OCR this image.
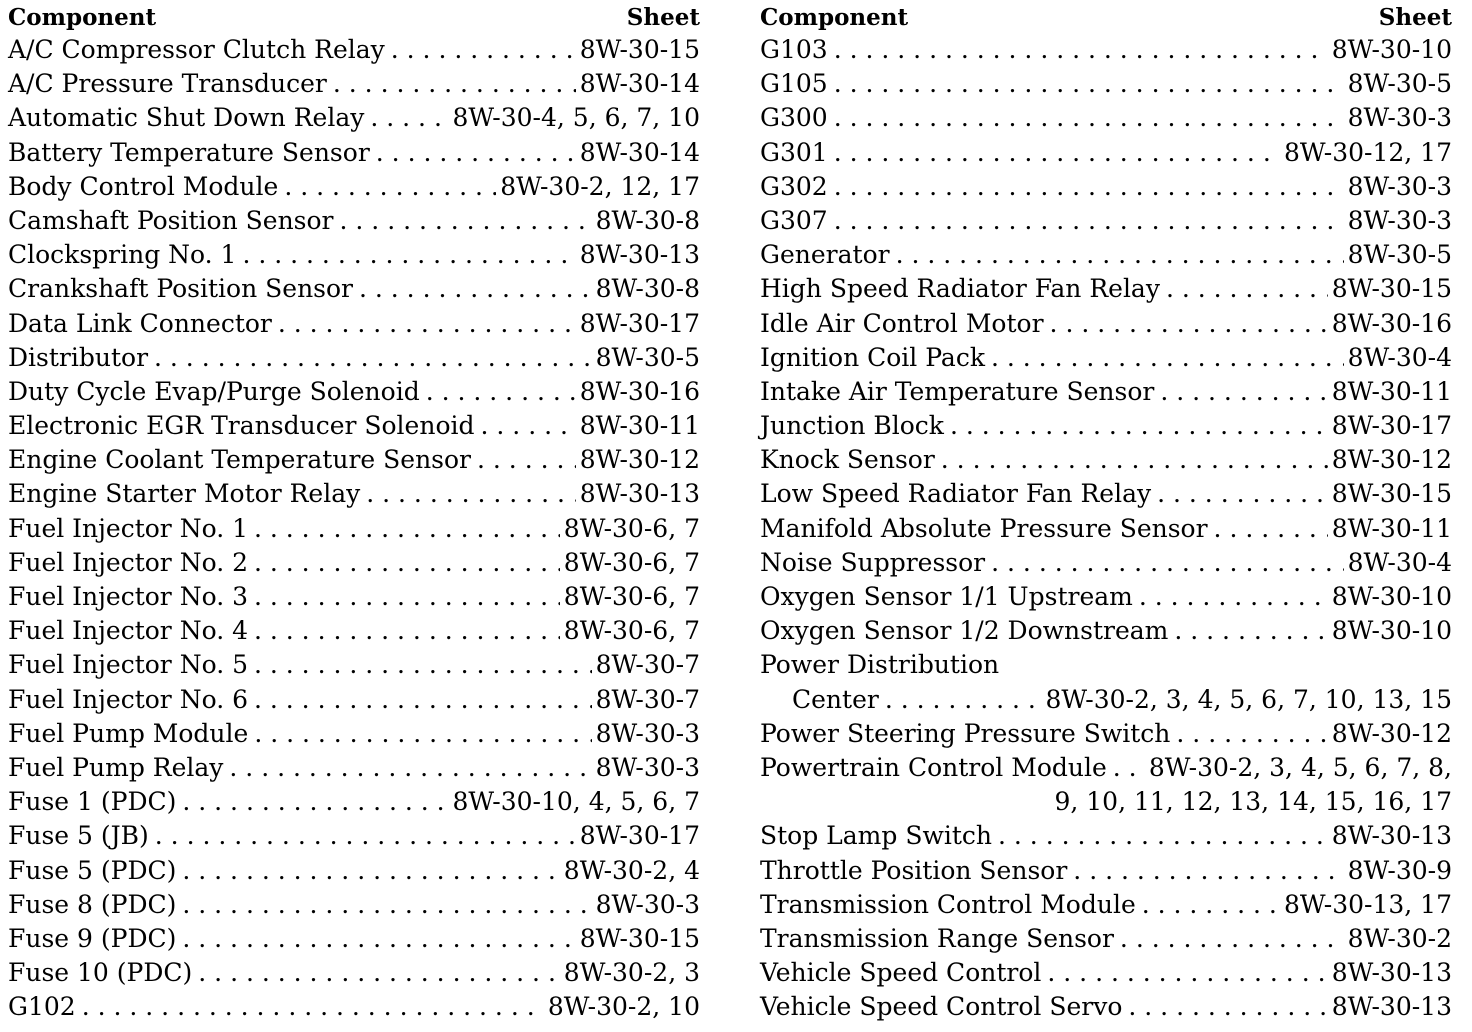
Component	Sheet
A/C Compressor Clutch Relay . . .	8W-30-15
A/C Pressure Transducer . . .	8W-30-14
Automatic Shut Down Relay . . .	8W-30-4, 5, 6, 7, 10
Battery Temperature Sensor . . .	8W-30-14
Body Control Module . . .	8W-30-2, 12, 17
Camshaft Position Sensor . . .	8W-30-8
Clockspring No. 1 . . .	8W-30-13
Crankshaft Position Sensor . . .	8W-30-8
Data Link Connector . . .	8W-30-17
Distributor . . .	8W-30-5
Duty Cycle Evap/Purge Solenoid . . .	8W-30-16
Electronic EGR Transducer Solenoid . . .	8W-30-11
Engine Coolant Temperature Sensor . . .	8W-30-12
Engine Starter Motor Relay . . .	8W-30-13
Fuel Injector No. 1 . . .	8W-30-6, 7
Fuel Injector No. 2 . . .	8W-30-6, 7
Fuel Injector No. 3 . . .	8W-30-6, 7
Fuel Injector No. 4 . . .	8W-30-6, 7
Fuel Injector No. 5 . . .	8W-30-7
Fuel Injector No. 6 . . .	8W-30-7
Fuel Pump Module . . .	8W-30-3
Fuel Pump Relay . . .	8W-30-3
Fuse 1 (PDC) . . .	8W-30-10, 4, 5, 6, 7
Fuse 5 (JB) . . .	8W-30-17
Fuse 5 (PDC) . . .	8W-30-2, 4
Fuse 8 (PDC) . . .	8W-30-3
Fuse 9 (PDC) . . .	8W-30-15
Fuse 10 (PDC) . . .	8W-30-2, 3
G102 . . .	8W-30-2, 10
Component	Sheet
G103 . . .	8W-30-10
G105 . . .	8W-30-5
G300 . . .	8W-30-3
G301 . . .	8W-30-12, 17
G302 . . .	8W-30-3
G307 . . .	8W-30-3
Generator . . .	8W-30-5
High Speed Radiator Fan Relay . . .	8W-30-15
Idle Air Control Motor . . .	8W-30-16
Ignition Coil Pack . . .	8W-30-4
Intake Air Temperature Sensor . . .	8W-30-11
Junction Block . . .	8W-30-17
Knock Sensor . . .	8W-30-12
Low Speed Radiator Fan Relay . . .	8W-30-15
Manifold Absolute Pressure Sensor . . .	8W-30-11
Noise Suppressor . . .	8W-30-4
Oxygen Sensor 1/1 Upstream . . .	8W-30-10
Oxygen Sensor 1/2 Downstream . . .	8W-30-10
Power Distribution
Center . . .	8W-30-2, 3, 4, 5, 6, 7, 10, 13, 15
Power Steering Pressure Switch . . .	8W-30-12
Powertrain Control Module . . . 8W-30-2, 3, 4, 5, 6, 7, 8,
9, 10, 11, 12, 13, 14, 15, 16, 17
Stop Lamp Switch . . .	8W-30-13
Throttle Position Sensor . . .	8W-30-9
Transmission Control Module . . .	8W-30-13, 17
Transmission Range Sensor . . .	8W-30-2
Vehicle Speed Control . . .	8W-30-13
Vehicle Speed Control Servo . . .	8W-30-13
